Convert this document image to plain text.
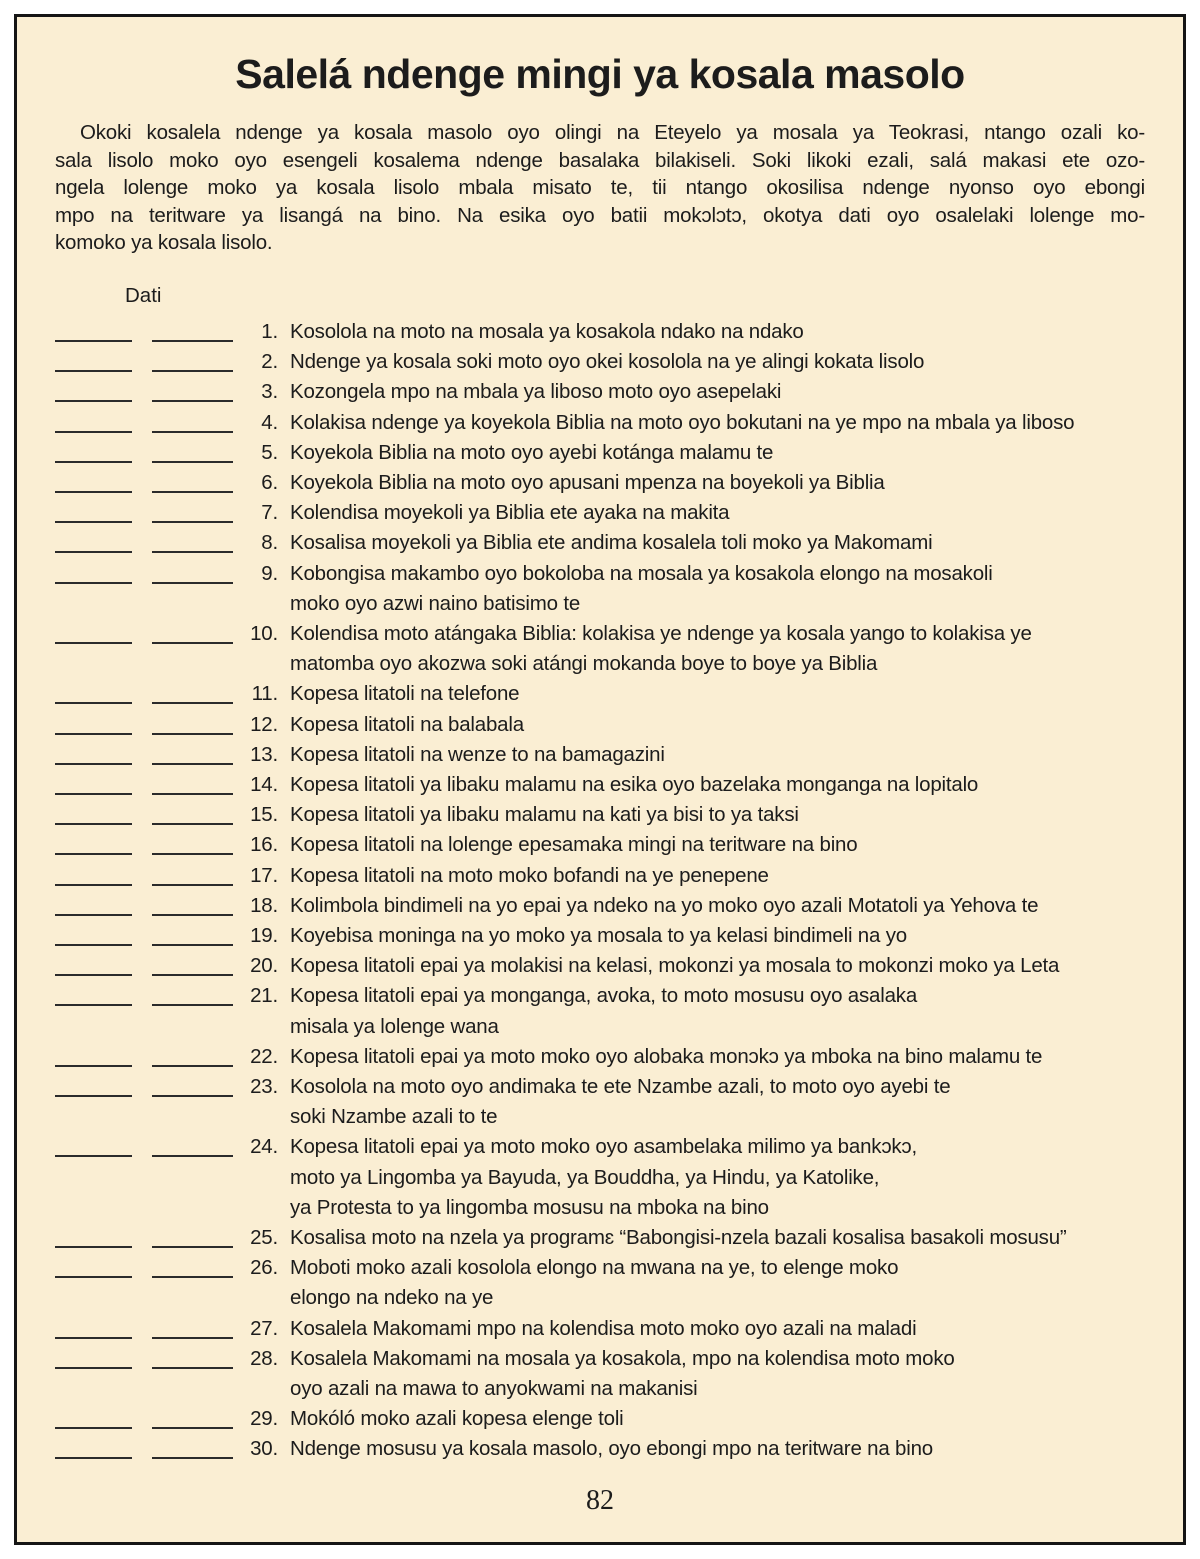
Salelá ndenge mingi ya kosala masolo
Okoki kosalela ndenge ya kosala masolo oyo olingi na Eteyelo ya mosala ya Teokrasi, ntango ozali ko-
sala lisolo moko oyo esengeli kosalema ndenge basalaka bilakiseli. Soki likoki ezali, salá makasi ete ozo-
ngela lolenge moko ya kosala lisolo mbala misato te, tii ntango okosilisa ndenge nyonso oyo ebongi
mpo na teritware ya lisangá na bino. Na esika oyo batii mokɔlɔtɔ, okotya dati oyo osalelaki lolenge mo-
komoko ya kosala lisolo.
Dati
1. Kosolola na moto na mosala ya kosakola ndako na ndako
2. Ndenge ya kosala soki moto oyo okei kosolola na ye alingi kokata lisolo
3. Kozongela mpo na mbala ya liboso moto oyo asepelaki
4. Kolakisa ndenge ya koyekola Biblia na moto oyo bokutani na ye mpo na mbala ya liboso
5. Koyekola Biblia na moto oyo ayebi kotánga malamu te
6. Koyekola Biblia na moto oyo apusani mpenza na boyekoli ya Biblia
7. Kolendisa moyekoli ya Biblia ete ayaka na makita
8. Kosalisa moyekoli ya Biblia ete andima kosalela toli moko ya Makomami
9. Kobongisa makambo oyo bokoloba na mosala ya kosakola elongo na mosakoli
moko oyo azwi naino batisimo te
10. Kolendisa moto atángaka Biblia: kolakisa ye ndenge ya kosala yango to kolakisa ye
matomba oyo akozwa soki atángi mokanda boye to boye ya Biblia
11. Kopesa litatoli na telefone
12. Kopesa litatoli na balabala
13. Kopesa litatoli na wenze to na bamagazini
14. Kopesa litatoli ya libaku malamu na esika oyo bazelaka monganga na lopitalo
15. Kopesa litatoli ya libaku malamu na kati ya bisi to ya taksi
16. Kopesa litatoli na lolenge epesamaka mingi na teritware na bino
17. Kopesa litatoli na moto moko bofandi na ye penepene
18. Kolimbola bindimeli na yo epai ya ndeko na yo moko oyo azali Motatoli ya Yehova te
19. Koyebisa moninga na yo moko ya mosala to ya kelasi bindimeli na yo
20. Kopesa litatoli epai ya molakisi na kelasi, mokonzi ya mosala to mokonzi moko ya Leta
21. Kopesa litatoli epai ya monganga, avoka, to moto mosusu oyo asalaka
misala ya lolenge wana
22. Kopesa litatoli epai ya moto moko oyo alobaka monɔkɔ ya mboka na bino malamu te
23. Kosolola na moto oyo andimaka te ete Nzambe azali, to moto oyo ayebi te
soki Nzambe azali to te
24. Kopesa litatoli epai ya moto moko oyo asambelaka milimo ya bankɔkɔ,
moto ya Lingomba ya Bayuda, ya Bouddha, ya Hindu, ya Katolike,
ya Protesta to ya lingomba mosusu na mboka na bino
25. Kosalisa moto na nzela ya programɛ “Babongisi-nzela bazali kosalisa basakoli mosusu”
26. Moboti moko azali kosolola elongo na mwana na ye, to elenge moko
elongo na ndeko na ye
27. Kosalela Makomami mpo na kolendisa moto moko oyo azali na maladi
28. Kosalela Makomami na mosala ya kosakola, mpo na kolendisa moto moko
oyo azali na mawa to anyokwami na makanisi
29. Mokóló moko azali kopesa elenge toli
30. Ndenge mosusu ya kosala masolo, oyo ebongi mpo na teritware na bino
82
